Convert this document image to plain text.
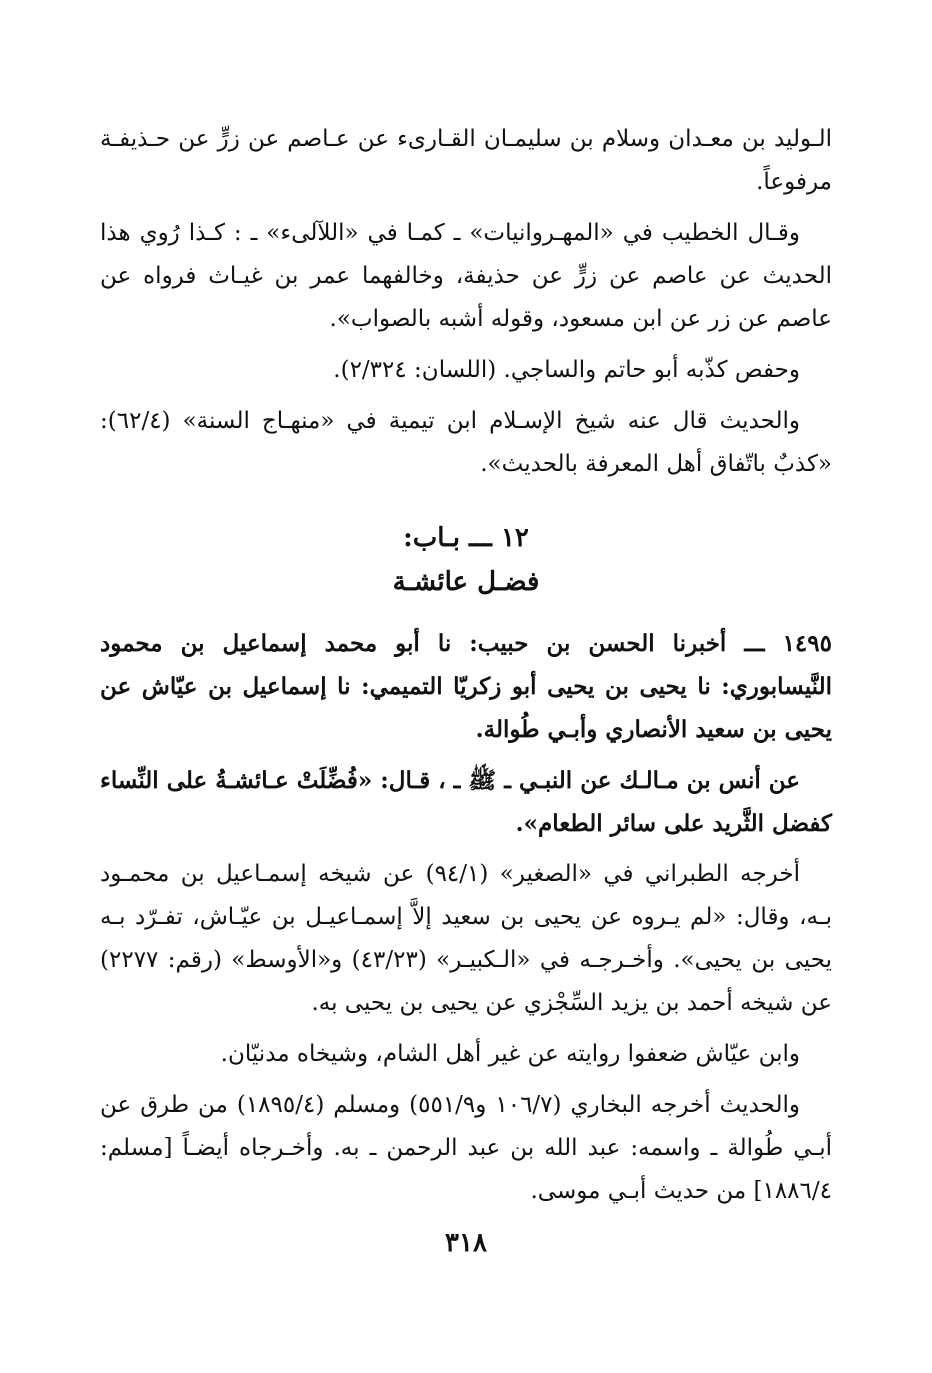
الـوليد بن معـدان وسلام بن سليمـان القـارىء عن عـاصم عن زرٍّ عن حـذيفـة مرفوعاً.

وقـال الخطيب في «المهـروانيات» ـ كمـا في «اللآلىء» ـ : كـذا رُوي هذا الحديث عن عاصم عن زرٍّ عن حذيفة، وخالفهما عمر بن غيـاث فرواه عن عاصم عن زر عن ابن مسعود، وقوله أشبه بالصواب».

وحفص كذّبه أبو حاتم والساجي. (اللسان: ٢/٣٢٤).

والحديث قال عنه شيخ الإسـلام ابن تيمية في «منهـاج السنة» (٦٢/٤): «كذبٌ باتّفاق أهل المعرفة بالحديث».

١٢ ـــ بـاب:

فضـل عائشـة

١٤٩٥ ـــ أخبرنا الحسن بن حبيب: نا أبو محمد إسماعيل بن محمود النَّيسابوري: نا يحيى بن يحيى أبو زكريّا التميمي: نا إسماعيل بن عيّاش عن يحيى بن سعيد الأنصاري وأبـي طُوالة.

عن أنس بن مـالـك عن النبـي ـ ﷺ ـ ، قـال: «فُضِّلَتْ عـائشـةُ على النِّساء كفضل الثَّريد على سائر الطعام».

أخرجه الطبراني في «الصغير» (٩٤/١) عن شيخه إسمـاعيل بن محمـود بـه، وقال: «لم يـروه عن يحيى بن سعيد إلاَّ إسمـاعيـل بن عيّـاش، تفـرّد بـه يحيى بن يحيى». وأخـرجـه في «الـكبيـر» (٤٣/٢٣) و«الأوسط» (رقم: ٢٢٧٧) عن شيخه أحمد بن يزيد السِّجْزي عن يحيى بن يحيى به.

وابن عيّاش ضعفوا روايته عن غير أهل الشام، وشيخاه مدنيّان.

والحديث أخرجه البخاري (١٠٦/٧ و٥٥١/٩) ومسلم (١٨٩٥/٤) من طرق عن أبـي طُوالة ـ واسمه: عبد الله بن عبد الرحمن ـ به. وأخـرجاه أيضـاً [مسلم: ١٨٨٦/٤] من حديث أبـي موسى.

٣١٨
